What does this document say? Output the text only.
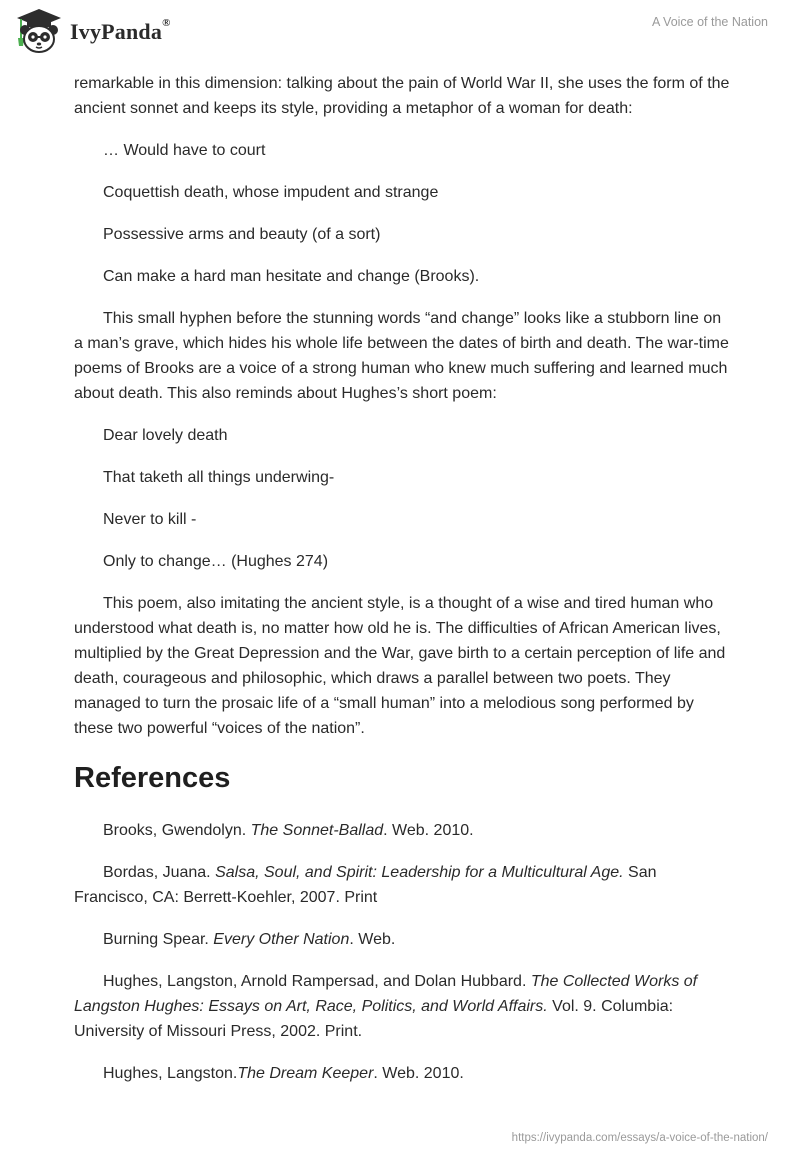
IvyPanda®	A Voice of the Nation

remarkable in this dimension: talking about the pain of World War II, she uses the form of the ancient sonnet and keeps its style, providing a metaphor of a woman for death:

… Would have to court

Coquettish death, whose impudent and strange

Possessive arms and beauty (of a sort)

Can make a hard man hesitate and change (Brooks).

This small hyphen before the stunning words “and change” looks like a stubborn line on a man’s grave, which hides his whole life between the dates of birth and death. The war-time poems of Brooks are a voice of a strong human who knew much suffering and learned much about death. This also reminds about Hughes’s short poem:

Dear lovely death

That taketh all things underwing-

Never to kill -

Only to change… (Hughes 274)

This poem, also imitating the ancient style, is a thought of a wise and tired human who understood what death is, no matter how old he is. The difficulties of African American lives, multiplied by the Great Depression and the War, gave birth to a certain perception of life and death, courageous and philosophic, which draws a parallel between two poets. They managed to turn the prosaic life of a “small human” into a melodious song performed by these two powerful “voices of the nation”.

References

Brooks, Gwendolyn. The Sonnet-Ballad. Web. 2010.

Bordas, Juana. Salsa, Soul, and Spirit: Leadership for a Multicultural Age. San Francisco, CA: Berrett-Koehler, 2007. Print

Burning Spear. Every Other Nation. Web.

Hughes, Langston, Arnold Rampersad, and Dolan Hubbard. The Collected Works of Langston Hughes: Essays on Art, Race, Politics, and World Affairs. Vol. 9. Columbia: University of Missouri Press, 2002. Print.

Hughes, Langston.The Dream Keeper. Web. 2010.

https://ivypanda.com/essays/a-voice-of-the-nation/
